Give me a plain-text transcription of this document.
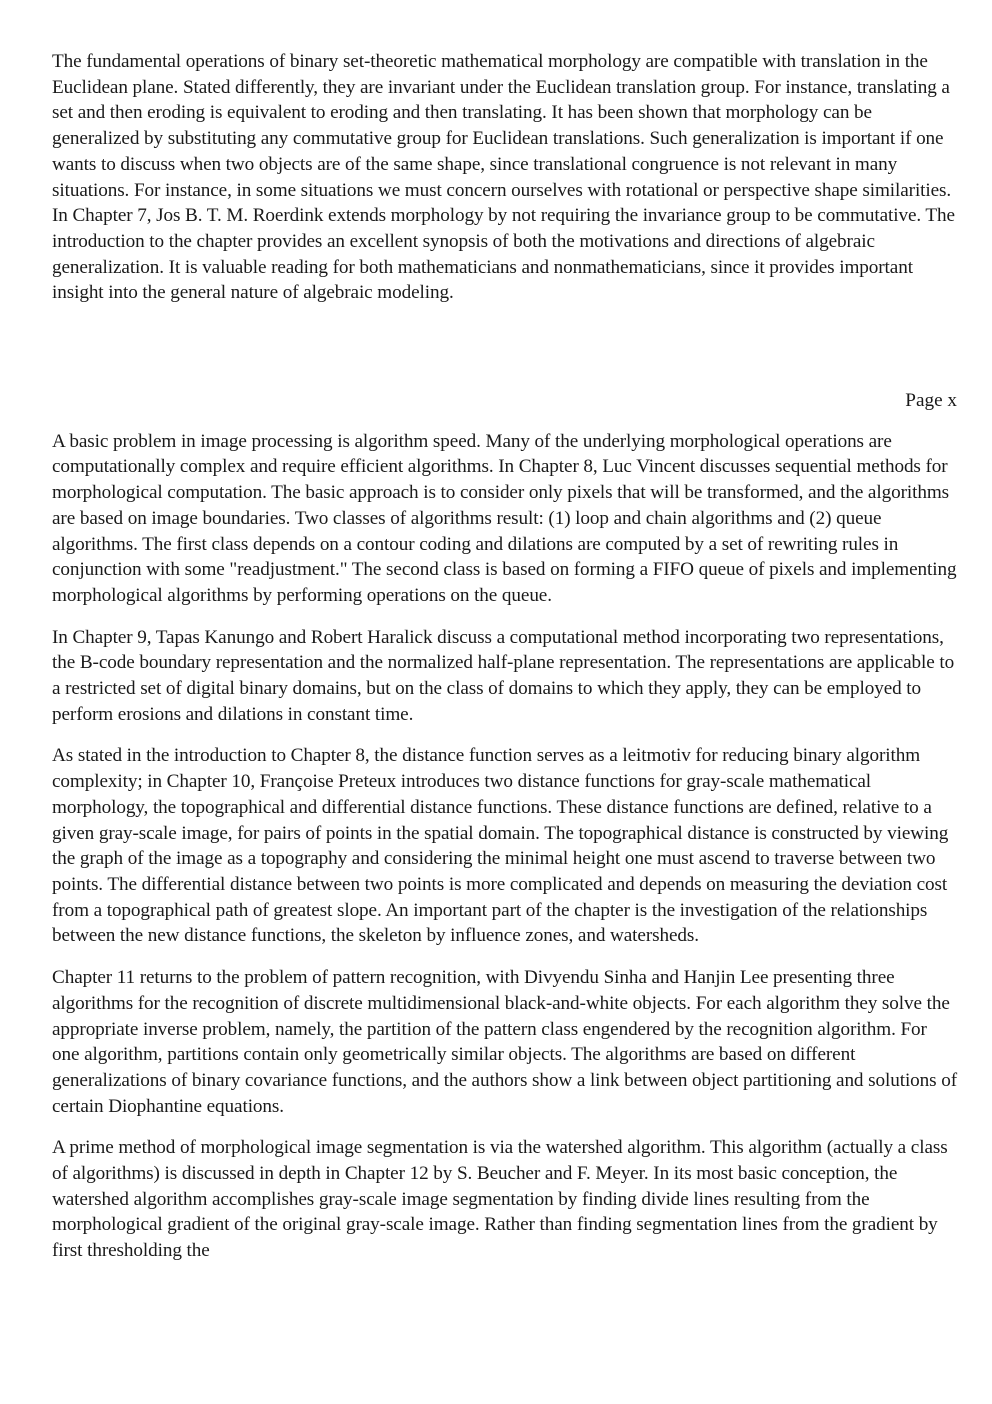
The fundamental operations of binary set-theoretic mathematical morphology are compatible with translation in the Euclidean plane. Stated differently, they are invariant under the Euclidean translation group. For instance, translating a set and then eroding is equivalent to eroding and then translating. It has been shown that morphology can be generalized by substituting any commutative group for Euclidean translations. Such generalization is important if one wants to discuss when two objects are of the same shape, since translational congruence is not relevant in many situations. For instance, in some situations we must concern ourselves with rotational or perspective shape similarities. In Chapter 7, Jos B. T. M. Roerdink extends morphology by not requiring the invariance group to be commutative. The introduction to the chapter provides an excellent synopsis of both the motivations and directions of algebraic generalization. It is valuable reading for both mathematicians and nonmathematicians, since it provides important insight into the general nature of algebraic modeling.

Page x

A basic problem in image processing is algorithm speed. Many of the underlying morphological operations are computationally complex and require efficient algorithms. In Chapter 8, Luc Vincent discusses sequential methods for morphological computation. The basic approach is to consider only pixels that will be transformed, and the algorithms are based on image boundaries. Two classes of algorithms result: (1) loop and chain algorithms and (2) queue algorithms. The first class depends on a contour coding and dilations are computed by a set of rewriting rules in conjunction with some "readjustment." The second class is based on forming a FIFO queue of pixels and implementing morphological algorithms by performing operations on the queue.

In Chapter 9, Tapas Kanungo and Robert Haralick discuss a computational method incorporating two representations, the B-code boundary representation and the normalized half-plane representation. The representations are applicable to a restricted set of digital binary domains, but on the class of domains to which they apply, they can be employed to perform erosions and dilations in constant time.

As stated in the introduction to Chapter 8, the distance function serves as a leitmotiv for reducing binary algorithm complexity; in Chapter 10, Françoise Preteux introduces two distance functions for gray-scale mathematical morphology, the topographical and differential distance functions. These distance functions are defined, relative to a given gray-scale image, for pairs of points in the spatial domain. The topographical distance is constructed by viewing the graph of the image as a topography and considering the minimal height one must ascend to traverse between two points. The differential distance between two points is more complicated and depends on measuring the deviation cost from a topographical path of greatest slope. An important part of the chapter is the investigation of the relationships between the new distance functions, the skeleton by influence zones, and watersheds.

Chapter 11 returns to the problem of pattern recognition, with Divyendu Sinha and Hanjin Lee presenting three algorithms for the recognition of discrete multidimensional black-and-white objects. For each algorithm they solve the appropriate inverse problem, namely, the partition of the pattern class engendered by the recognition algorithm. For one algorithm, partitions contain only geometrically similar objects. The algorithms are based on different generalizations of binary covariance functions, and the authors show a link between object partitioning and solutions of certain Diophantine equations.

A prime method of morphological image segmentation is via the watershed algorithm. This algorithm (actually a class of algorithms) is discussed in depth in Chapter 12 by S. Beucher and F. Meyer. In its most basic conception, the watershed algorithm accomplishes gray-scale image segmentation by finding divide lines resulting from the morphological gradient of the original gray-scale image. Rather than finding segmentation lines from the gradient by first thresholding the
